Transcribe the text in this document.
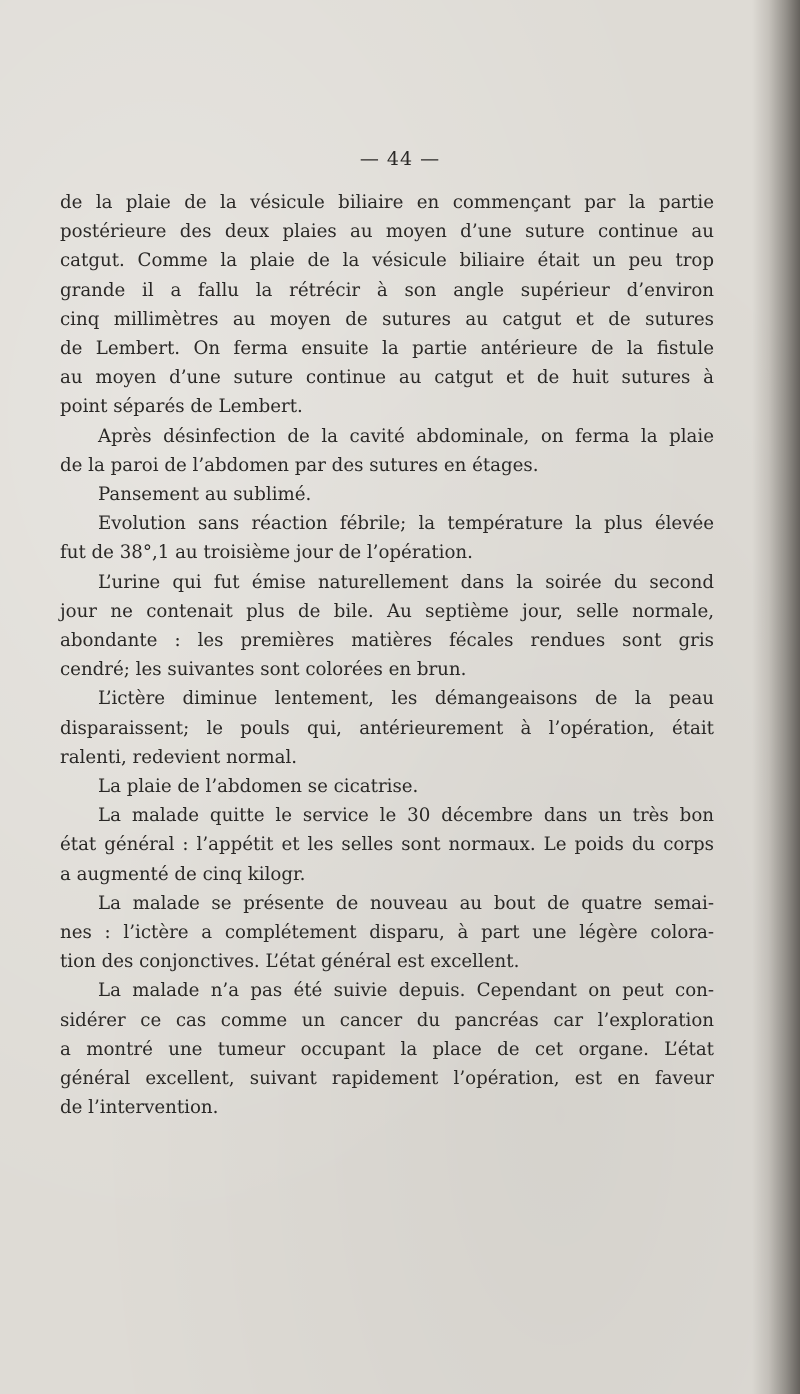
— 44 —
de la plaie de la vésicule biliaire en commençant par la partie
postérieure des deux plaies au moyen d’une suture continue au
catgut. Comme la plaie de la vésicule biliaire était un peu trop
grande il a fallu la rétrécir à son angle supérieur d’environ
cinq millimètres au moyen de sutures au catgut et de sutures
de Lembert. On ferma ensuite la partie antérieure de la fistule
au moyen d’une suture continue au catgut et de huit sutures à
point séparés de Lembert.
Après désinfection de la cavité abdominale, on ferma la plaie
de la paroi de l’abdomen par des sutures en étages.
Pansement au sublimé.
Evolution sans réaction fébrile; la température la plus élevée
fut de 38°,1 au troisième jour de l’opération.
L’urine qui fut émise naturellement dans la soirée du second
jour ne contenait plus de bile. Au septième jour, selle normale,
abondante : les premières matières fécales rendues sont gris
cendré; les suivantes sont colorées en brun.
L’ictère diminue lentement, les démangeaisons de la peau
disparaissent; le pouls qui, antérieurement à l’opération, était
ralenti, redevient normal.
La plaie de l’abdomen se cicatrise.
La malade quitte le service le 30 décembre dans un très bon
état général : l’appétit et les selles sont normaux. Le poids du corps
a augmenté de cinq kilogr.
La malade se présente de nouveau au bout de quatre semai-
nes : l’ictère a complétement disparu, à part une légère colora-
tion des conjonctives. L’état général est excellent.
La malade n’a pas été suivie depuis. Cependant on peut con-
sidérer ce cas comme un cancer du pancréas car l’exploration
a montré une tumeur occupant la place de cet organe. L’état
général excellent, suivant rapidement l’opération, est en faveur
de l’intervention.
